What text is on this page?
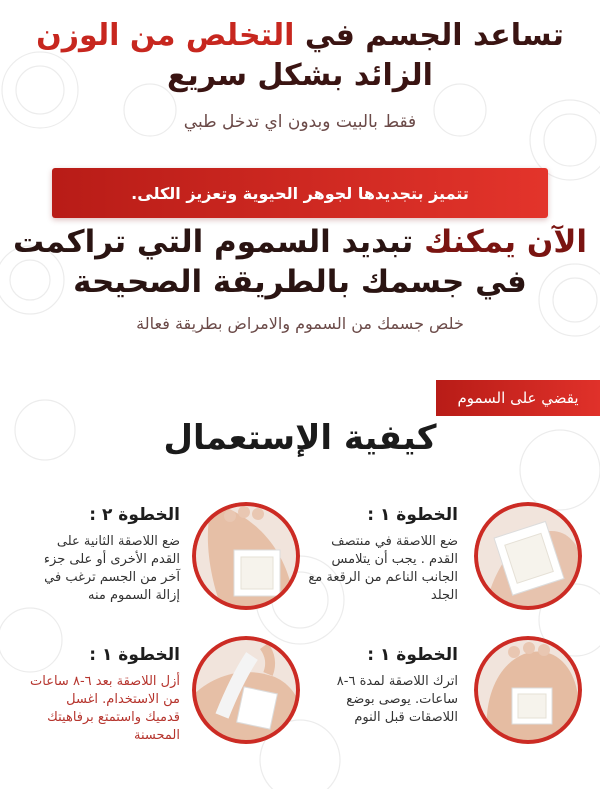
تساعد الجسم في التخلص من الوزن
الزائد بشكل سريع
فقط بالبيت وبدون اي تدخل طبي
تتميز بتجديدها لجوهر الحيوية وتعزيز الكلى.
الآن يمكنك تبديد السموم التي تراكمت
في جسمك بالطريقة الصحيحة
خلص جسمك من السموم والامراض بطريقة فعالة
يقضي على السموم
كيفية الإستعمال
الخطوة ١ :
ضع اللاصقة في منتصف القدم . يجب أن يتلامس الجانب الناعم من الرقعة مع الجلد
الخطوة ٢ :
ضع اللاصقة الثانية على القدم الأخرى أو على جزء آخر من الجسم ترغب في إزالة السموم منه
الخطوة ١ :
اترك اللاصقة لمدة ٦-٨ ساعات. يوصى بوضع اللاصقات قبل النوم
الخطوة ١ :
أزل اللاصقة بعد ٦-٨ ساعات من الاستخدام. اغسل قدميك واستمتع برفاهيتك المحسنة
